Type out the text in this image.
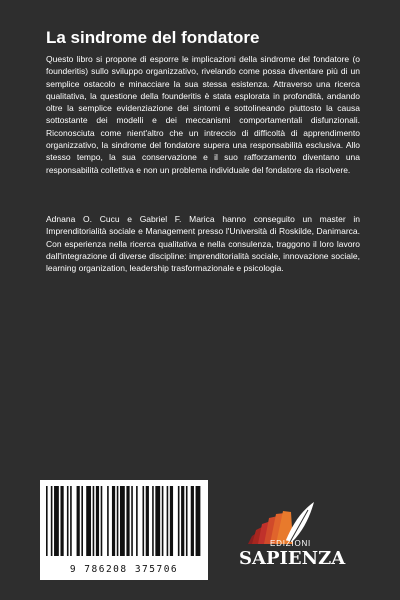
La sindrome del fondatore

Questo libro si propone di esporre le implicazioni della sindrome del fondatore (o founderitis) sullo sviluppo organizzativo, rivelando come possa diventare più di un semplice ostacolo e minacciare la sua stessa esistenza. Attraverso una ricerca qualitativa, la questione della founderitis è stata esplorata in profondità, andando oltre la semplice evidenziazione dei sintomi e sottolineando piuttosto la causa sottostante dei modelli e dei meccanismi comportamentali disfunzionali. Riconosciuta come nient'altro che un intreccio di difficoltà di apprendimento organizzativo, la sindrome del fondatore supera una responsabilità esclusiva. Allo stesso tempo, la sua conservazione e il suo rafforzamento diventano una responsabilità collettiva e non un problema individuale del fondatore da risolvere.

Adnana O. Cucu e Gabriel F. Marica hanno conseguito un master in Imprenditorialità sociale e Management presso l'Università di Roskilde, Danimarca. Con esperienza nella ricerca qualitativa e nella consulenza, traggono il loro lavoro dall'integrazione di diverse discipline: imprenditorialità sociale, innovazione sociale, learning organization, leadership trasformazionale e psicologia.

9 786208 375706
EDIZIONI
SAPIENZA
